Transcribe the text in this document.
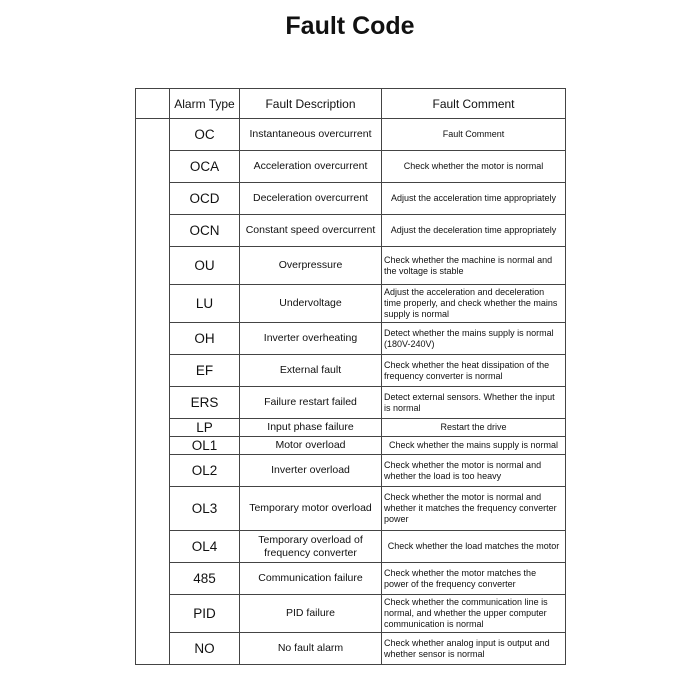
Fault Code
	Alarm Type	Fault Description	Fault Comment
	OC	Instantaneous overcurrent	Fault Comment
	OCA	Acceleration overcurrent	Check whether the motor is normal
	OCD	Deceleration overcurrent	Adjust the acceleration time appropriately
	OCN	Constant speed overcurrent	Adjust the deceleration time appropriately
	OU	Overpressure	Check whether the machine is normal and the voltage is stable
	LU	Undervoltage	Adjust the acceleration and deceleration time properly, and check whether the mains supply is normal
	OH	Inverter overheating	Detect whether the mains supply is normal (180V-240V)
	EF	External fault	Check whether the heat dissipation of the frequency converter is normal
	ERS	Failure restart failed	Detect external sensors. Whether the input is normal
	LP	Input phase failure	Restart the drive
	OL1	Motor overload	Check whether the mains supply is normal
	OL2	Inverter overload	Check whether the motor is normal and whether the load is too heavy
	OL3	Temporary motor overload	Check whether the motor is normal and whether it matches the frequency converter power
	OL4	Temporary overload of frequency converter	Check whether the load matches the motor
	485	Communication failure	Check whether the motor matches the power of the frequency converter
	PID	PID failure	Check whether the communication line is normal, and whether the upper computer communication is normal
	NO	No fault alarm	Check whether analog input is output and whether sensor is normal
